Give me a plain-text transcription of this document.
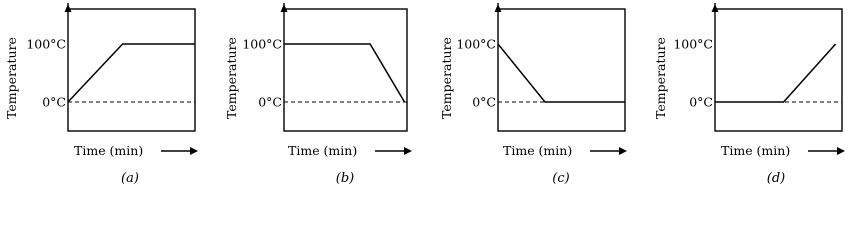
Temperature 100°C
0°C
Time (min)
(a)
Temperature 100°C
0°C
Time (min)
(b)
Temperature 100°C
0°C
Time (min)
(c)
Temperature 100°C
0°C
Time (min)
(d)
